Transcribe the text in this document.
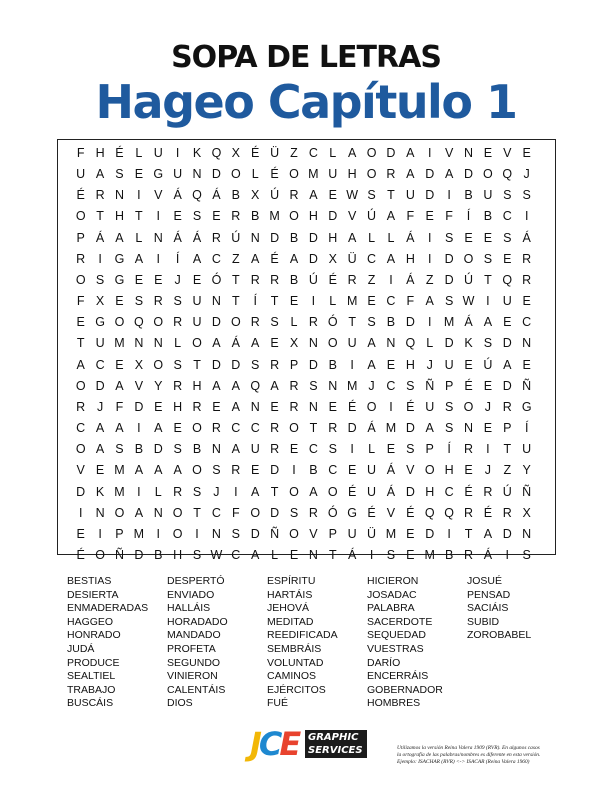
SOPA DE LETRAS
Hageo Capítulo 1
F H É L U	I	K Q X É Ü Z C L A O D A	I	V N E V E
U A S E G U N D O L É O M U H O R A D A D O Q J
É R N	I	V Á Q Á B X Ú R A E W S T U D	I	B U S S
O T H T	I	E S E R B M O H D V Ú A F E F	Í	B C	I
P Á A L N Á Á R Ú N D B D H A L L Á	I	S E E S Á
R	I	G A	I	Í	A C Z A É A D X Ü C A H	I	D O S E R
O S G E E J E Ó T R R B Ú É R Z	I	Á Z D Ú T Q R
F X E S R S U N T	Í	T E	I	L M E C F A S W I	U E
E G O Q O R U D O R S L R Ó T S B D	I M Á A E C
T U M N N L O A Á A E X N O U A N Q L D K S D N
A C E X O S T D D S R P D B	I	A E H J U E Ú A E
O D A V Y R H A A Q A R S N M J C S Ñ P É E D Ñ
R J F D E H R E A N E R N E É O	I	É U S O J R G
C A A	I	A E O R C C R O T R D Á M D A S N E P	Í
O A S B D S B N A U R E C S	I	L E S P	Í	R	I	T U
V E M A A A O S R E D	I	B C E U Á V O H E J Z Y
D K M I	L R S J	I	A T O A O É U Á D H C É R Ú Ñ
I	N O A N O T C F O D S R Ó G É V É Q Q R É R X
E	I	P M I	O	I	N S D Ñ O V P U Ü M E D	I	T A D N
É O Ñ D B H S W C A L E N T Á	I	S E M B R Á	I	S
BESTIAS
DESIERTA
ENMADERADAS
HAGGEO
HONRADO
JUDÁ
PRODUCE
SEALTIEL
TRABAJO
BUSCÁIS
DESPERTÓ
ENVIADO
HALLÁIS
HORADADO
MANDADO
PROFETA
SEGUNDO
VINIERON
CALENTÁIS
DIOS
ESPÍRITU
HARTÁIS
JEHOVÁ
MEDITAD
REEDIFICADA
SEMBRÁIS
VOLUNTAD
CAMINOS
EJÉRCITOS
FUÉ
HICIERON
JOSADAC
PALABRA
SACERDOTE
SEQUEDAD
VUESTRAS
DARÍO
ENCERRÁIS
GOBERNADOR
HOMBRES
JOSUÉ
PENSAD
SACIÁIS
SUBID
ZOROBABEL
JCE GRAPHIC
SERVICES	Utilizamos la versión Reina Valera 1909 (RVR). En algunos casos
la ortografía de las palabras/nombres es diferente en esta versión.
Ejemplo: ISACHAR (RVR) <-> ISACAR (Reina Valera 1960)
